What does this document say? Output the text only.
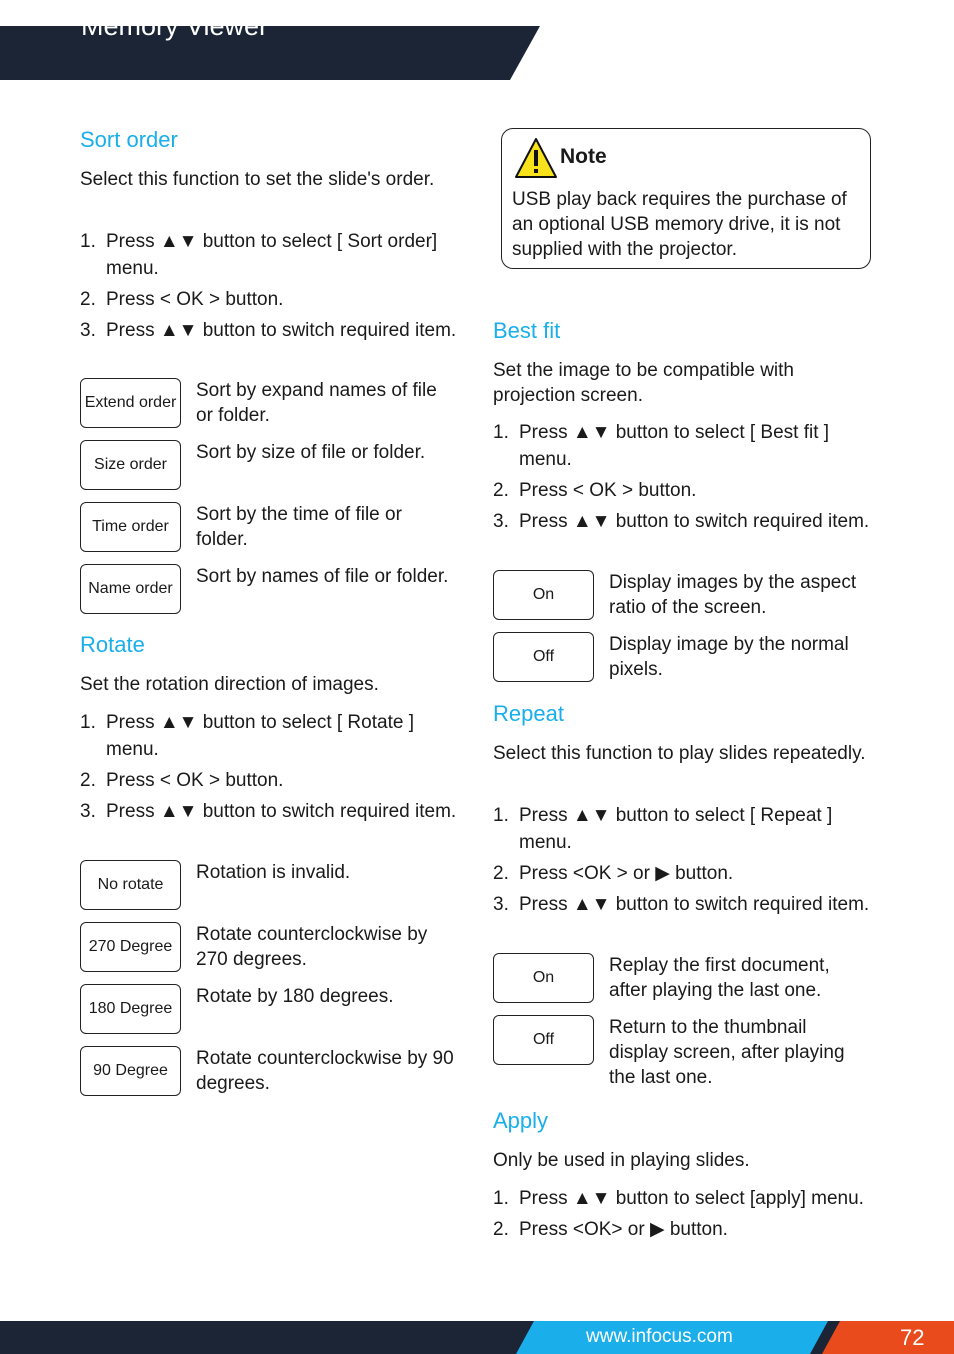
Memory Viewer
Sort order

Select this function to set the slide's order.

1. Press ▲▼ button to select [ Sort order] menu.
2. Press < OK > button.
3. Press ▲▼ button to switch required item.
Extend order

Sort by expand names of file or folder.

Size order

Sort by size of file or folder.

Time order

Sort by the time of file or folder.

Name order

Sort by names of file or folder.

Rotate

Set the rotation direction of images.

1. Press ▲▼ button to select [ Rotate ] menu.
2. Press < OK > button.
3. Press ▲▼ button to switch required item.
No rotate

Rotation is invalid.

270 Degree

Rotate counterclockwise by 270 degrees.

180 Degree

Rotate by 180 degrees.

90 Degree

Rotate counterclockwise by 90 degrees.

Note

USB play back requires the purchase of an optional USB memory drive, it is not supplied with the projector.

Best fit

Set the image to be compatible with projection screen.

1. Press ▲▼ button to select [ Best fit ] menu.
2. Press < OK > button.
3. Press ▲▼ button to switch required item.
On

Display images by the aspect ratio of the screen.

Off

Display image by the normal pixels.

Repeat

Select this function to play slides repeatedly.

1. Press ▲▼ button to select [ Repeat ] menu.
2. Press <OK > or ▶ button.
3. Press ▲▼ button to switch required item.
On

Replay the first document, after playing the last one.

Off

Return to the thumbnail display screen, after playing the last one.

Apply

Only be used in playing slides.

1. Press ▲▼ button to select [apply] menu.
2. Press <OK> or ▶ button.

www.infocus.com	72
